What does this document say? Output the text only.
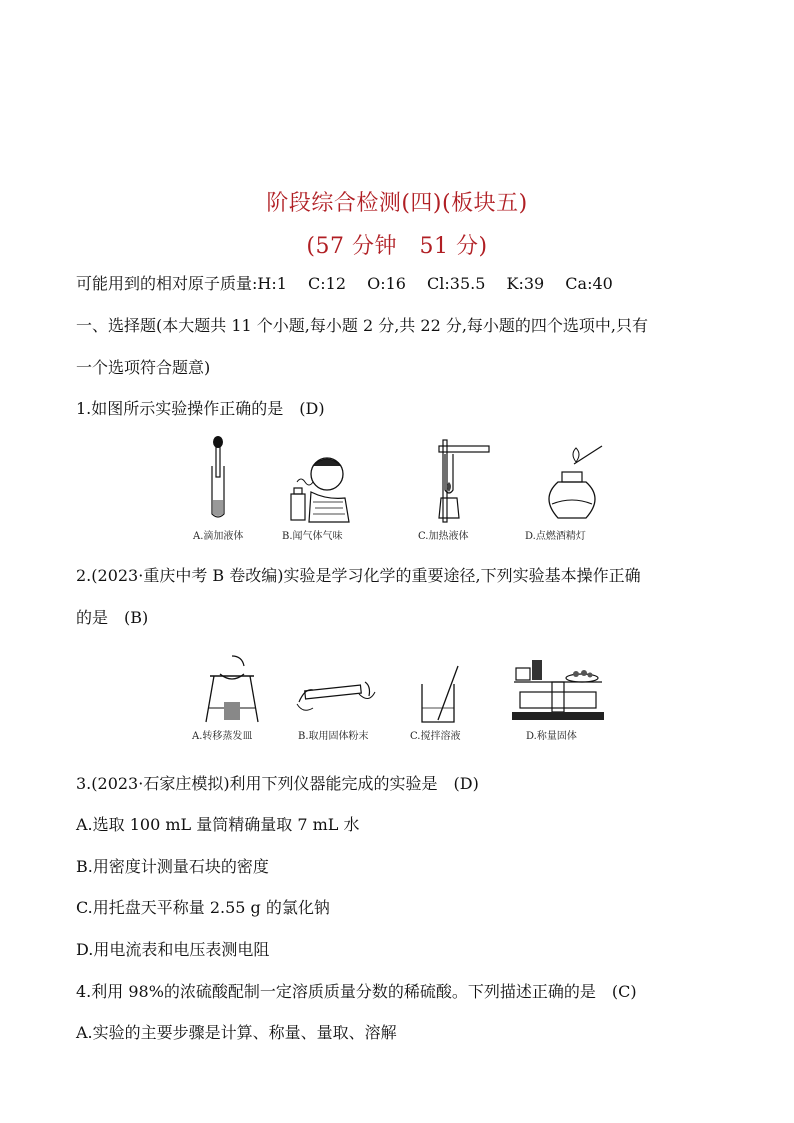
阶段综合检测(四)(板块五)
(57 分钟　51 分)
可能用到的相对原子质量:H:1　 C:12　 O:16　 Cl:35.5　 K:39　 Ca:40
一、选择题(本大题共 11 个小题,每小题 2 分,共 22 分,每小题的四个选项中,只有
一个选项符合题意)
1.如图所示实验操作正确的是　(D)
A.滴加液体	B.闻气体气味	C.加热液体	D.点燃酒精灯
2.(2023·重庆中考 B 卷改编)实验是学习化学的重要途径,下列实验基本操作正确
的是　(B)
A.转移蒸发皿	B.取用固体粉末	C.搅拌溶液	D.称量固体
3.(2023·石家庄模拟)利用下列仪器能完成的实验是　(D)
A.选取 100 mL 量筒精确量取 7 mL 水
B.用密度计测量石块的密度
C.用托盘天平称量 2.55 g 的氯化钠
D.用电流表和电压表测电阻
4.利用 98%的浓硫酸配制一定溶质质量分数的稀硫酸。下列描述正确的是　(C)
A.实验的主要步骤是计算、称量、量取、溶解
